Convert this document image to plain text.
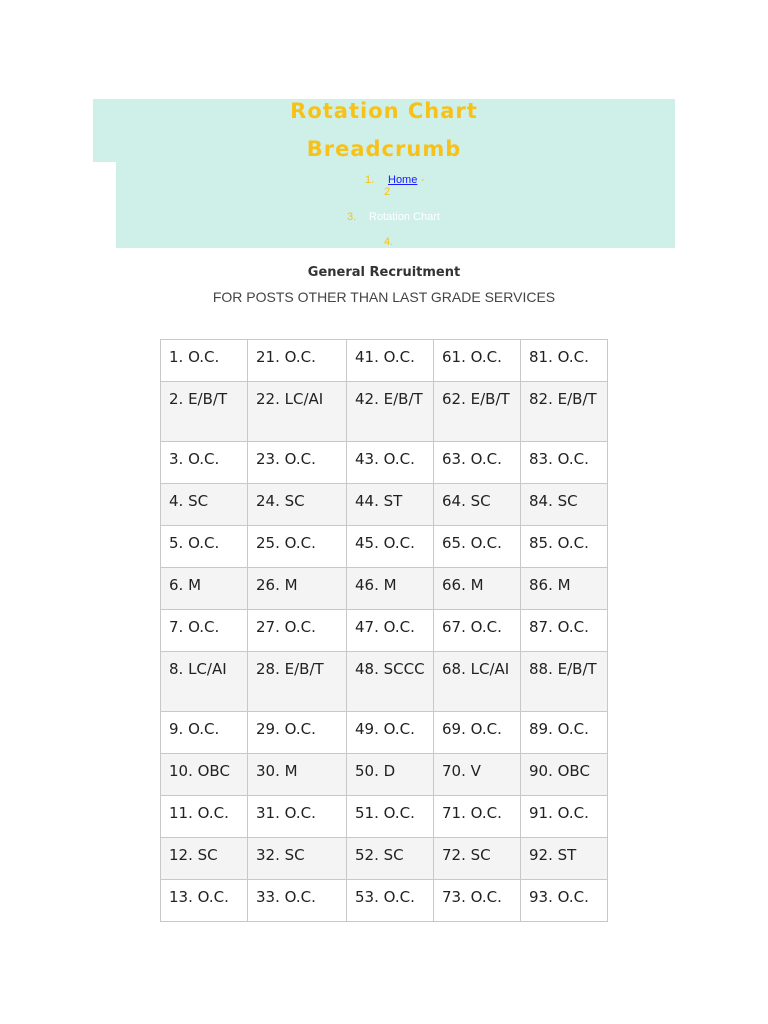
Rotation Chart
Breadcrumb
1. Home -
2
3. Rotation Chart
4.

General Recruitment

FOR POSTS OTHER THAN LAST GRADE SERVICES

1. O.C.	21. O.C.	41. O.C.	61. O.C.	81. O.C.
2. E/B/T	22. LC/AI	42. E/B/T	62. E/B/T	82. E/B/T
3. O.C.	23. O.C.	43. O.C.	63. O.C.	83. O.C.
4. SC	24. SC	44. ST	64. SC	84. SC
5. O.C.	25. O.C.	45. O.C.	65. O.C.	85. O.C.
6. M	26. M	46. M	66. M	86. M
7. O.C.	27. O.C.	47. O.C.	67. O.C.	87. O.C.
8. LC/AI	28. E/B/T	48. SCCC	68. LC/AI	88. E/B/T
9. O.C.	29. O.C.	49. O.C.	69. O.C.	89. O.C.
10. OBC	30. M	50. D	70. V	90. OBC
11. O.C.	31. O.C.	51. O.C.	71. O.C.	91. O.C.
12. SC	32. SC	52. SC	72. SC	92. ST
13. O.C.	33. O.C.	53. O.C.	73. O.C.	93. O.C.
